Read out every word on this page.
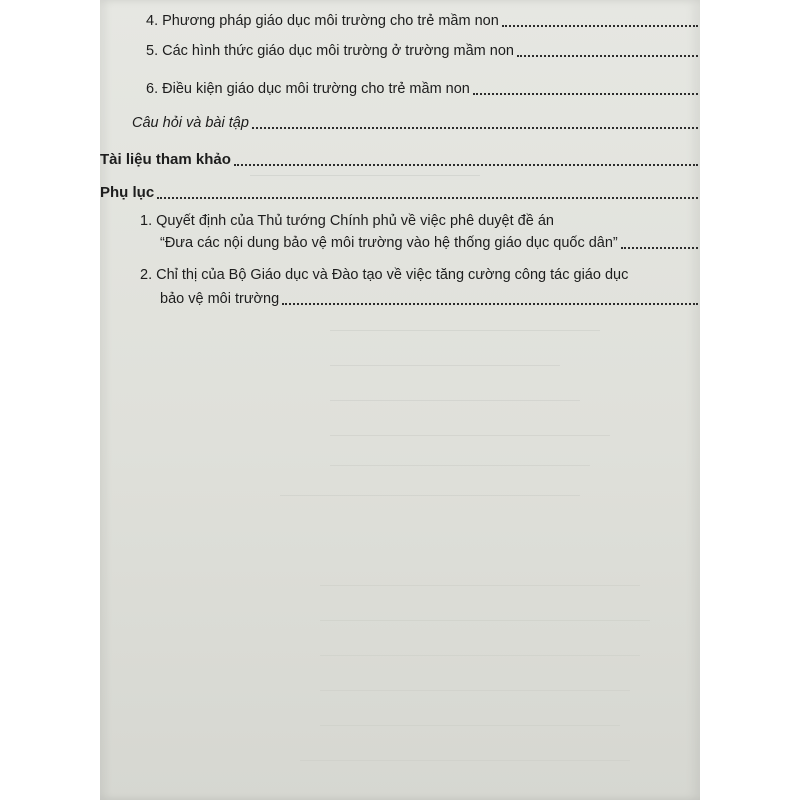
4. Phương pháp giáo dục môi trường cho trẻ mầm non
5. Các hình thức giáo dục môi trường ở trường mầm non
6. Điều kiện giáo dục môi trường cho trẻ mầm non
Câu hỏi và bài tập
Tài liệu tham khảo
Phụ lục
1. Quyết định của Thủ tướng Chính phủ về việc phê duyệt đề án
“Đưa các nội dung bảo vệ môi trường vào hệ thống giáo dục quốc dân”
2. Chỉ thị của Bộ Giáo dục và Đào tạo về việc tăng cường công tác giáo dục
bảo vệ môi trường
